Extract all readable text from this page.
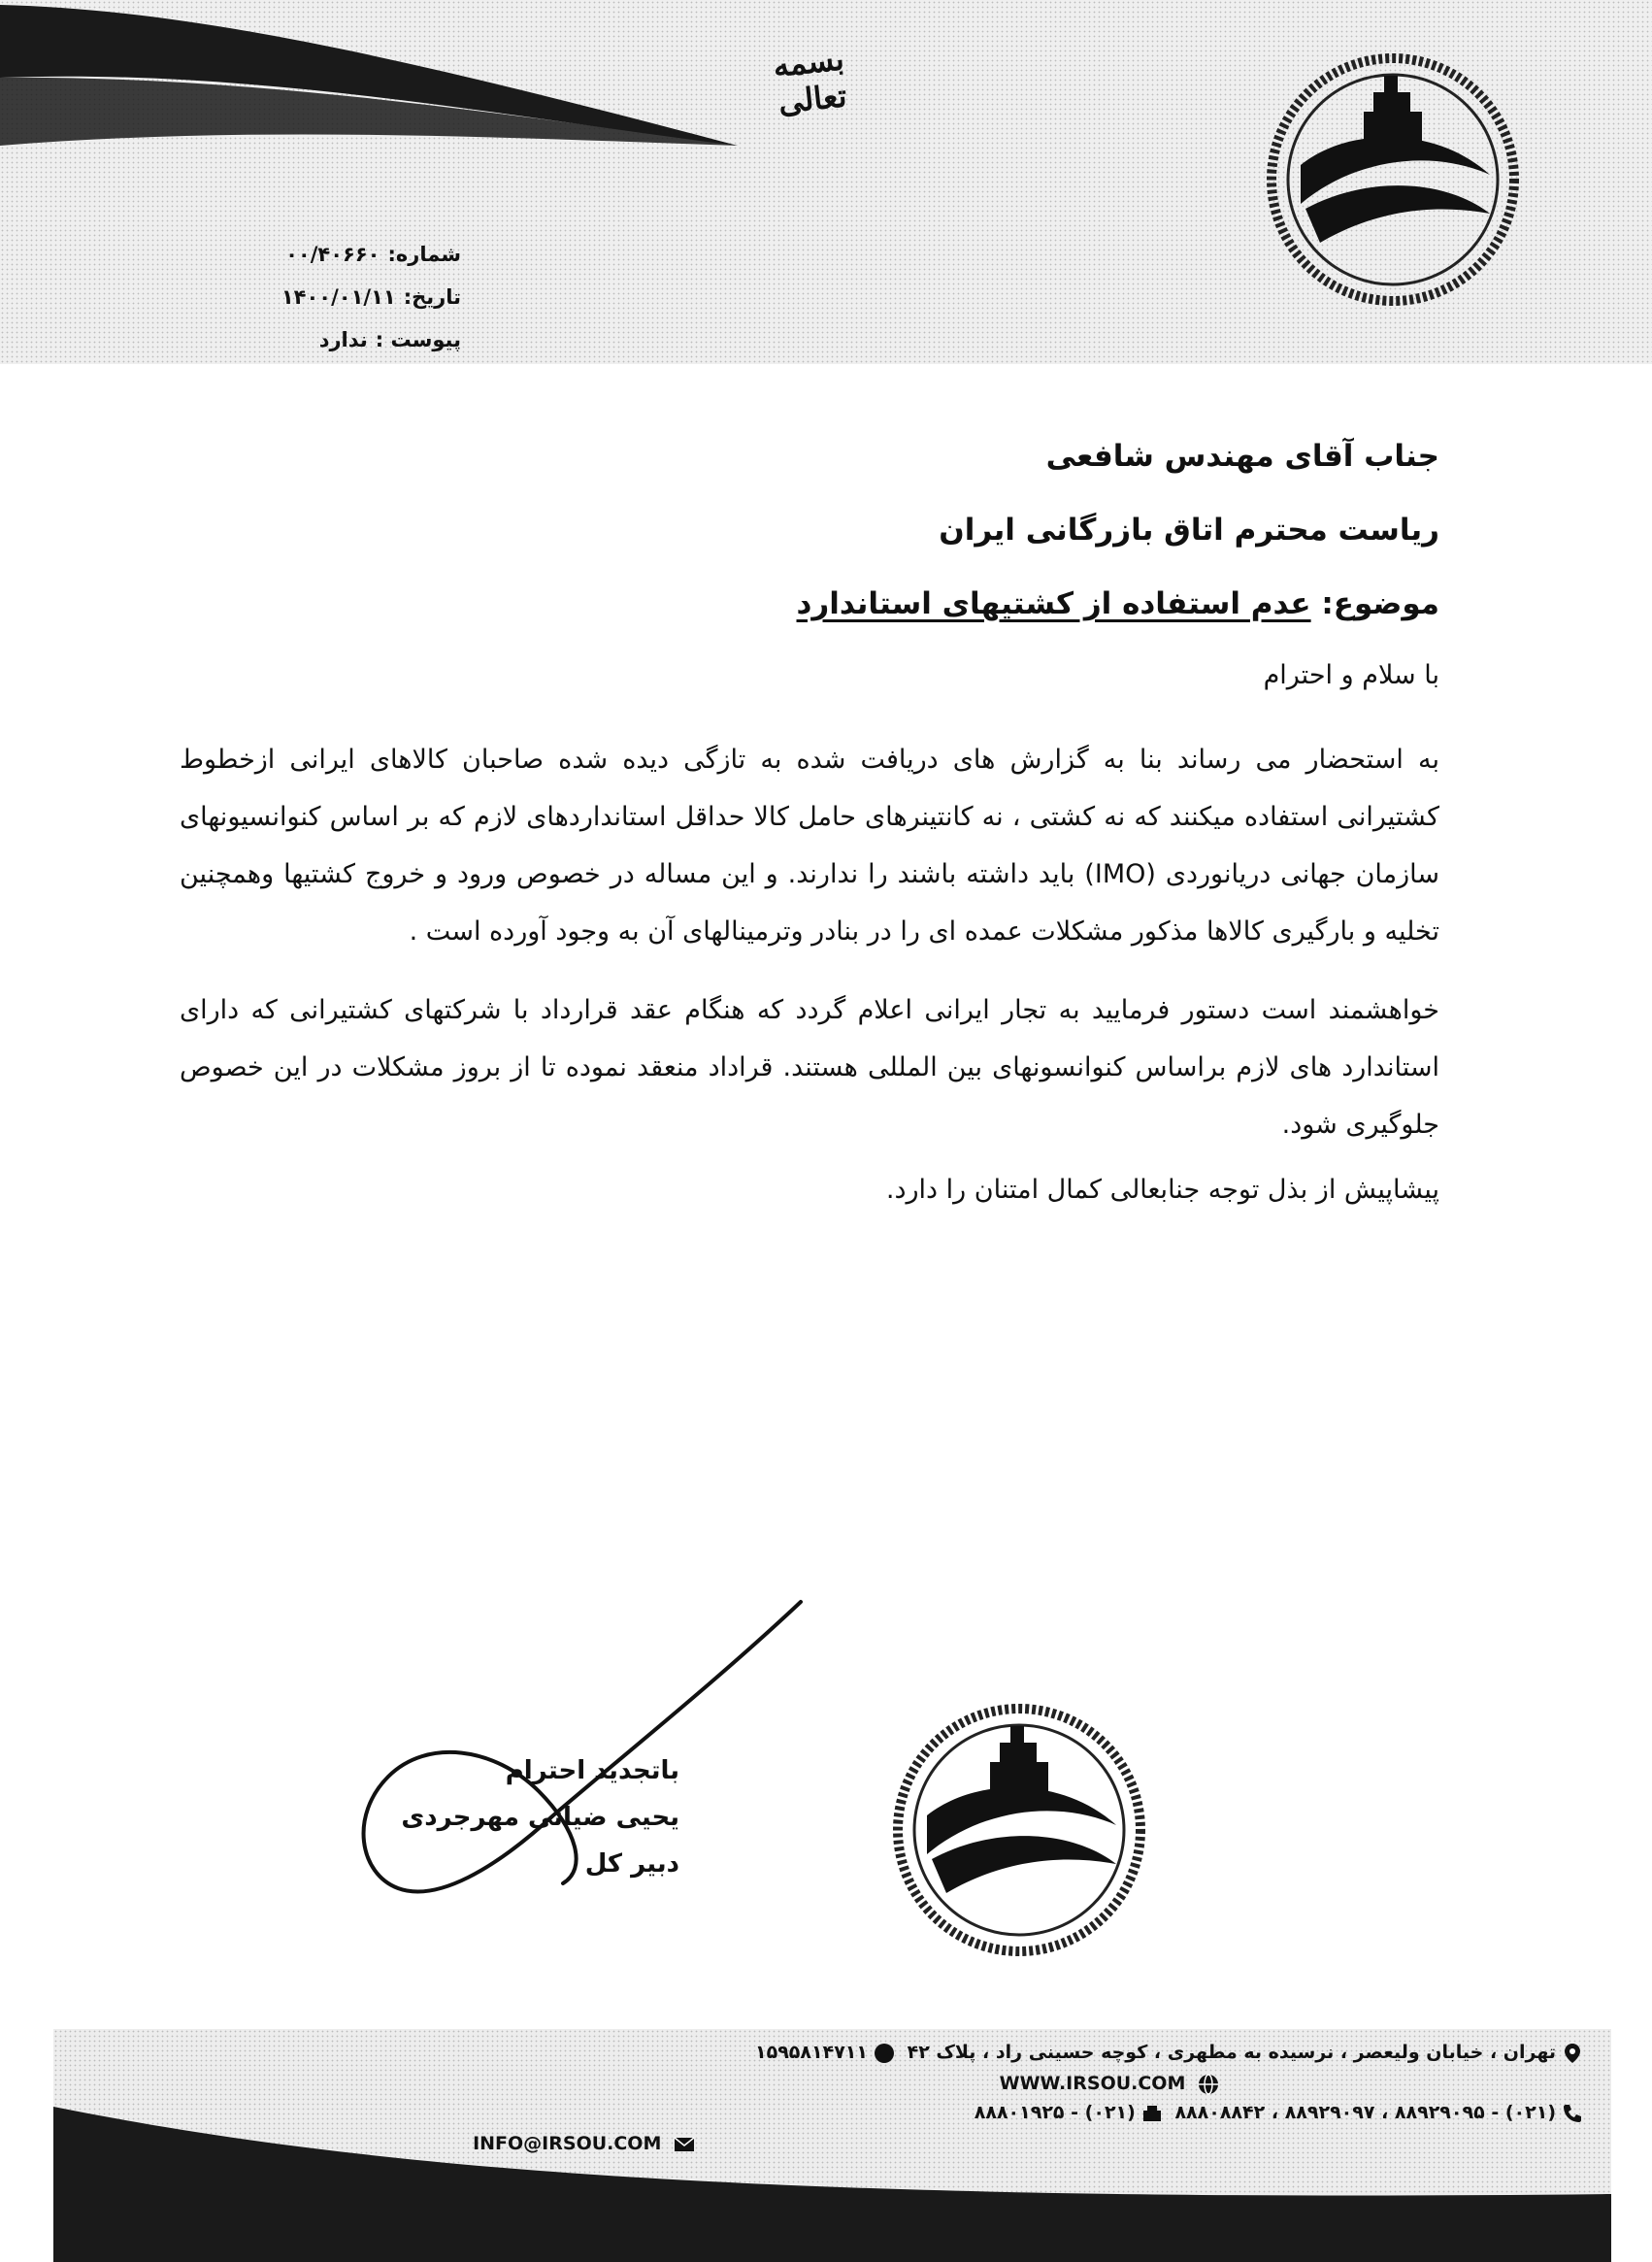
بسمه تعالی
شماره:۰۰/۴۰۶۶۰
تاریخ:۱۴۰۰/۰۱/۱۱
پیوست :ندارد
جناب آقای مهندس شافعی
ریاست محترم اتاق بازرگانی ایران
موضوع: عدم استفاده از کشتیهای استاندارد
با سلام و احترام

به استحضار می رساند بنا به گزارش های دریافت شده به تازگی دیده شده صاحبان کالاهای ایرانی ازخطوط کشتیرانی استفاده میکنند که نه کشتی ، نه کانتینرهای حامل کالا حداقل استانداردهای لازم که بر اساس کنوانسیونهای سازمان جهانی دریانوردی (IMO) باید داشته باشند را ندارند. و این مساله در خصوص ورود و خروج کشتیها وهمچنین تخلیه و بارگیری کالاها مذکور مشکلات عمده ای را در بنادر وترمینالهای آن به وجود آورده است .

خواهشمند است دستور فرمایید به تجار ایرانی اعلام گردد که هنگام عقد قرارداد با شرکتهای کشتیرانی که دارای استاندارد های لازم براساس کنوانسونهای بین المللی هستند. قراداد منعقد نموده تا از بروز مشکلات در این خصوص جلوگیری شود.

پیشاپیش از بذل توجه جنابعالی کمال امتنان را دارد.
باتجدید احترام
یحیی ضیائی مهرجردی
دبیر کل
تهران ، خیابان ولیعصر ، نرسیده به مطهری ، کوچه حسینی راد ، پلاک ۴۲ ۱۵۹۵۸۱۴۷۱۱
WWW.IRSOU.COM
(۰۲۱) - ۸۸۹۲۹۰۹۵ ، ۸۸۹۲۹۰۹۷ ، ۸۸۸۰۸۸۴۲ (۰۲۱) - ۸۸۸۰۱۹۲۵
INFO@IRSOU.COM
